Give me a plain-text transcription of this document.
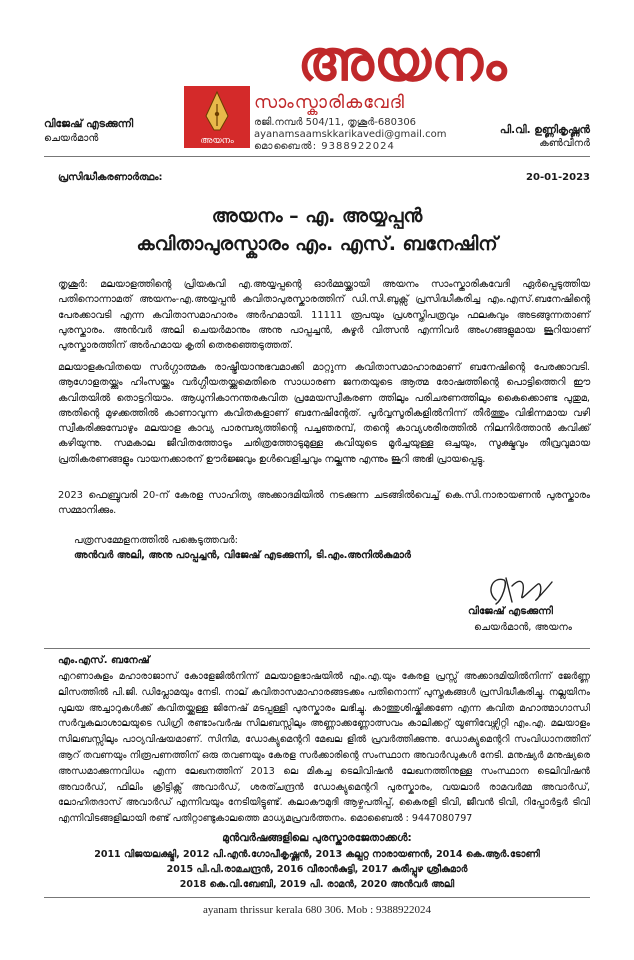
അയനം
അയനം
സാംസ്കാരികവേദി
രജി.നമ്പർ 504/11, തൃശൂർ-680306
ayanamsaamskkarikavedi@gmail.com
മൊബൈൽ: 9388922024
വിജേഷ് എടക്കുന്നി
ചെയർമാൻ
പി.വി. ഉണ്ണികൃഷ്ണൻ
കൺവീനർ
പ്രസിദ്ധീകരണാർത്ഥം:	20-01-2023
അയനം – എ. അയ്യപ്പൻ
കവിതാപുരസ്കാരം എം. എസ്. ബനേഷിന്

തൃശൂർ: മലയാളത്തിന്റെ പ്രിയകവി എ.അയ്യപ്പന്റെ ഓർമ്മയ്ക്കായി അയനം സാംസ്കാരികവേദി ഏർപ്പെടുത്തിയ പതിനൊന്നാമത് അയനം-എ.അയ്യപ്പൻ കവിതാപുരസ്കാരത്തിന് ഡി.സി.ബുക്സ് പ്രസിദ്ധീകരിച്ച എം.എസ്.ബനേഷിന്റെ പേരക്കാവടി എന്ന കവിതാസമാഹാരം അർഹമായി. 11111 രൂപയും പ്രശസ്തിപത്രവും ഫലകവും അടങ്ങുന്നതാണ് പുരസ്കാരം. അൻവർ അലി ചെയർമാനും അനു പാപ്പച്ചൻ, കുഴൂർ വിത്സൻ എന്നിവർ അംഗങ്ങളുമായ ജൂറിയാണ് പുരസ്കാരത്തിന് അർഹമായ കൃതി തെരഞ്ഞെടുത്തത്.

മലയാളകവിതയെ സർഗ്ഗാത്മക രാഷ്ട്രീയാനുഭവമാക്കി മാറ്റുന്ന കവിതാസമാഹാരമാണ് ബനേഷിന്റെ പേരക്കാവടി. ആഗോളതയ്ക്കും ഹിംസയ്ക്കും വർഗ്ഗീയതയ്ക്കുമെതിരെ സാധാരണ ജനതയുടെ ആത്മ രോഷത്തിന്റെ പൊട്ടിത്തെറി ഈ കവിതയിൽ തൊട്ടറിയാം. ആധുനികാനന്തരകവിത പ്രമേയസ്വീകരണ ത്തിലും പരിചരണത്തിലും കൈക്കൊണ്ട പുതുമ, അതിന്റെ മുഴക്കത്തിൽ കാണാവുന്ന കവിതകളാണ് ബനേഷിന്റേത്. പൂർവ്വസൂരികളിൽനിന്ന് തീർത്തും വിഭിന്നമായ വഴി സ്വീകരിക്കുമ്പോഴും മലയാള കാവ്യ പാരമ്പര്യത്തിന്റെ പച്ചഞരമ്പ്, തന്റെ കാവ്യശരീരത്തിൽ നിലനിർത്താൻ കവിക്ക് കഴിയുന്നു. സമകാല ജീവിതത്തോടും ചരിത്രത്തോടുമുള്ള കവിയുടെ മൂർച്ചയുള്ള ഒച്ചയും, സൂക്ഷ്മവും തീവ്രവുമായ പ്രതികരണങ്ങളും വായനക്കാരന് ഊർജ്ജവും ഉൾവെളിച്ചവും നല്കുന്നു എന്നും ജൂറി അഭി പ്രായപ്പെട്ടു.

2023 ഫെബ്രുവരി 20-ന് കേരള സാഹിത്യ അക്കാദമിയിൽ നടക്കുന്ന ചടങ്ങിൽവെച്ച് കെ.സി.നാരായണൻ പുരസ്കാരം സമ്മാനിക്കും.

പത്രസമ്മേളനത്തിൽ പങ്കെടുത്തവർ:
അൻവർ അലി, അനു പാപ്പച്ചൻ, വിജേഷ് എടക്കുന്നി, ടി.എം.അനിൽകുമാർ
വിജേഷ് എടക്കുന്നി
ചെയർമാൻ, അയനം
എം.എസ്. ബനേഷ്
എറണാകുളം മഹാരാജാസ് കോളേജിൽനിന്ന് മലയാളഭാഷയിൽ എം.എ.യും കേരള പ്രസ്സ് അക്കാദമിയിൽനിന്ന് ജേർണ്ണ ലിസത്തിൽ പി.ജി. ഡിപ്ലോമയും നേടി. നാല് കവിതാസമാഹാരങ്ങടക്കം പതിനൊന്ന് പുസ്തകങ്ങൾ പ്രസിദ്ധീകരിച്ചു. നല്ലയിനം പുലയ അച്ചാറുകൾക്ക് കവിതയ്ക്കുള്ള ജിനേഷ് മടപ്പള്ളി പുരസ്കാരം ലഭിച്ചു. കാത്തുശിഷ്കിക്കണേ എന്ന കവിത മഹാത്മാഗാന്ധി സർവ്വകലാശാലയുടെ ഡിഗ്രി രണ്ടാംവർഷ സിലബസ്സിലും അണ്ണാക്കണ്ണോത്സവം കാലിക്കറ്റ് യൂണിവേഴ്സിറ്റി എം.എ. മലയാളം സിലബസ്സിലും പാഠ്യവിഷയമാണ്. സിനിമ, ഡോക്യുമെന്ററി മേഖല ളിൽ പ്രവർത്തിക്കുന്നു. ഡോക്യുമെന്ററി സംവിധാനത്തിന് ആറ് തവണയും നിരൂപണത്തിന് ഒരു തവണയും കേരള സർക്കാരിന്റെ സംസ്ഥാന അവാർഡുകൾ നേടി. മനുഷ്യർ മനുഷ്യരെ അന്ധമാക്കുന്നവിധം എന്ന ലേഖനത്തിന് 2013 ലെ മികച്ച ടെലിവിഷൻ ലേഖനത്തിനുള്ള സംസ്ഥാന ടെലിവിഷൻ അവാർഡ്, ഫിലിം ക്രിട്ടിക്സ് അവാർഡ്, ശരത്ചന്ദ്രൻ ഡോക്യുമെന്ററി പുരസ്കാരം, വയലാർ രാമവർമ്മ അവാർഡ്, ലോഹിതദാസ് അവാർഡ് എന്നിവയും നേടിയിട്ടുണ്ട്. കലാകൗമുദി ആഴ്ചപതിപ്പ്, കൈരളി ടിവി, ജീവൻ ടിവി, റിപ്പോർട്ടർ ടിവി എന്നിവിടങ്ങളിലായി രണ്ട് പതിറ്റാണ്ടുകാലത്തെ മാധ്യമപ്രവർത്തനം. മൊബൈൽ : 9447080797
മുൻവർഷങ്ങളിലെ പുരസ്കാരജേതാക്കൾ:
2011 വിജയലക്ഷ്മി, 2012 പി.എൻ.ഗോപീകൃഷ്ണൻ, 2013 കല്പറ്റ നാരായണൻ, 2014 കെ.ആർ.ടോണി
2015 പി.പി.രാമചന്ദ്രൻ, 2016 വീരാൻകുട്ടി, 2017 കുരീപ്പുഴ ശ്രീകുമാർ
2018 കെ.വി.ബേബി, 2019 പി. രാമൻ, 2020 അൻവർ അലി
ayanam thrissur kerala 680 306. Mob : 9388922024
